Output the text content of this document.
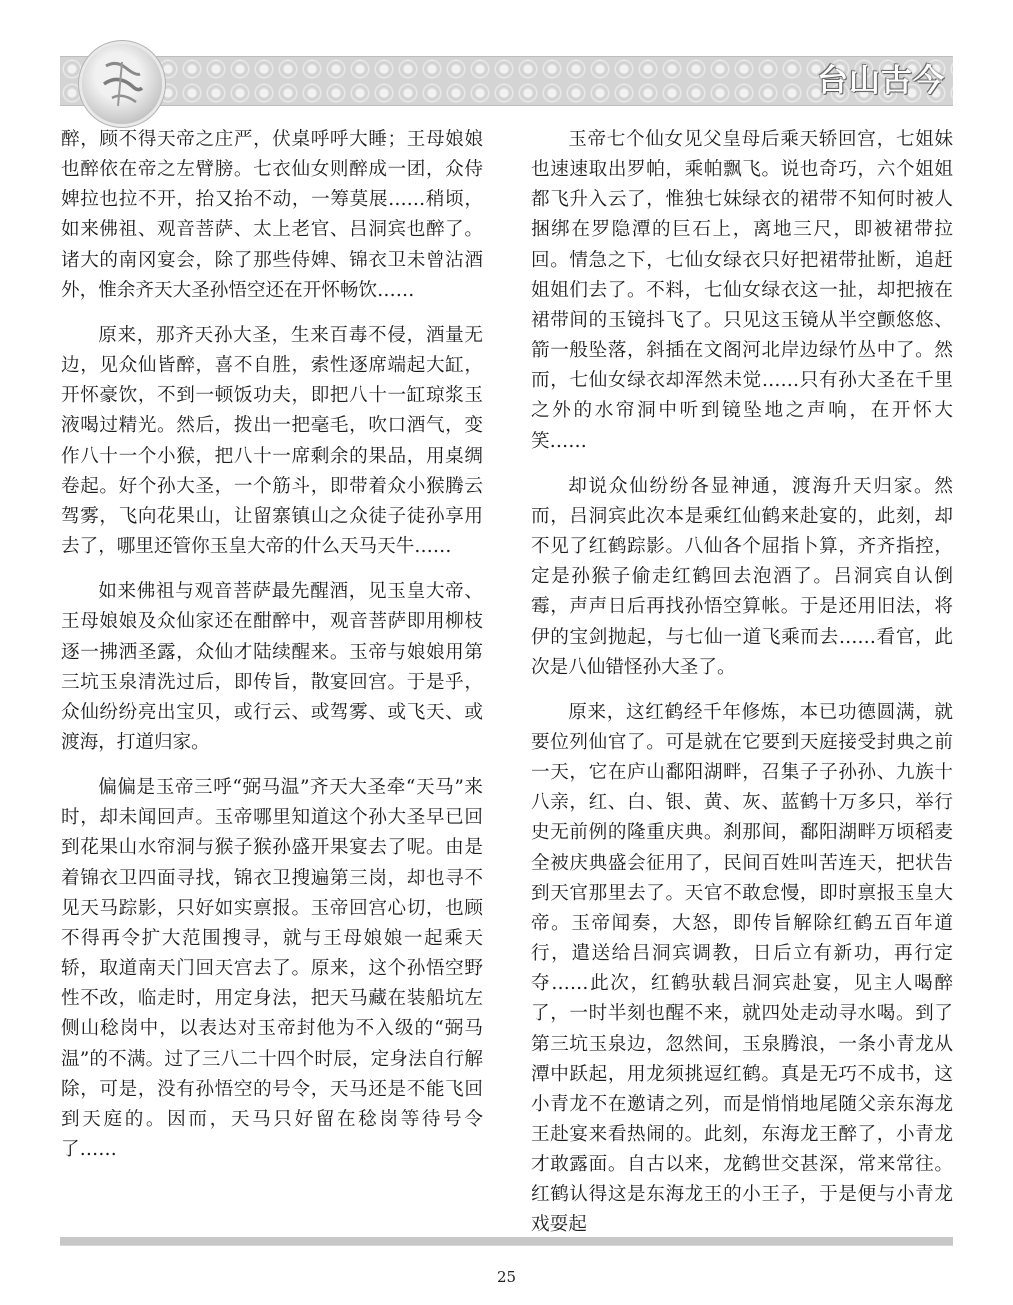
台山古今

醉，顾不得天帝之庄严，伏桌呼呼大睡；王母娘娘也醉依在帝之左臂膀。七衣仙女则醉成一团，众侍婢拉也拉不开，抬又抬不动，一筹莫展……稍顷，如来佛祖、观音菩萨、太上老官、吕洞宾也醉了。诸大的南冈宴会，除了那些侍婢、锦衣卫未曾沾酒外，惟余齐天大圣孙悟空还在开怀畅饮……

原来，那齐天孙大圣，生来百毒不侵，酒量无边，见众仙皆醉，喜不自胜，索性逐席端起大缸，开怀豪饮，不到一顿饭功夫，即把八十一缸琼浆玉液喝过精光。然后，拨出一把毫毛，吹口酒气，变作八十一个小猴，把八十一席剩余的果品，用桌绸卷起。好个孙大圣，一个筋斗，即带着众小猴腾云驾雾，飞向花果山，让留寨镇山之众徒子徒孙享用去了，哪里还管你玉皇大帝的什么天马天牛……

如来佛祖与观音菩萨最先醒酒，见玉皇大帝、王母娘娘及众仙家还在酣醉中，观音菩萨即用柳枝逐一拂洒圣露，众仙才陆续醒来。玉帝与娘娘用第三坑玉泉清洗过后，即传旨，散宴回宫。于是乎，众仙纷纷亮出宝贝，或行云、或驾雾、或飞天、或渡海，打道归家。

偏偏是玉帝三呼“弼马温”齐天大圣牵“天马”来时，却未闻回声。玉帝哪里知道这个孙大圣早已回到花果山水帘洞与猴子猴孙盛开果宴去了呢。由是着锦衣卫四面寻找，锦衣卫搜遍第三岗，却也寻不见天马踪影，只好如实禀报。玉帝回宫心切，也顾不得再令扩大范围搜寻，就与王母娘娘一起乘天轿，取道南天门回天宫去了。原来，这个孙悟空野性不改，临走时，用定身法，把天马藏在装船坑左侧山稔岗中，以表达对玉帝封他为不入级的“弼马温”的不满。过了三八二十四个时辰，定身法自行解除，可是，没有孙悟空的号令，天马还是不能飞回到天庭的。因而，天马只好留在稔岗等待号令了……

玉帝七个仙女见父皇母后乘天轿回宫，七姐妹也速速取出罗帕，乘帕飘飞。说也奇巧，六个姐姐都飞升入云了，惟独七妹绿衣的裙带不知何时被人捆绑在罗隐潭的巨石上，离地三尺，即被裙带拉回。情急之下，七仙女绿衣只好把裙带扯断，追赶姐姐们去了。不料，七仙女绿衣这一扯，却把掖在裙带间的玉镜抖飞了。只见这玉镜从半空颤悠悠、箭一般坠落，斜插在文阁河北岸边绿竹丛中了。然而，七仙女绿衣却浑然未觉……只有孙大圣在千里之外的水帘洞中听到镜坠地之声响，在开怀大笑……

却说众仙纷纷各显神通，渡海升天归家。然而，吕洞宾此次本是乘红仙鹤来赴宴的，此刻，却不见了红鹤踪影。八仙各个屈指卜算，齐齐指控，定是孙猴子偷走红鹤回去泡酒了。吕洞宾自认倒霉，声声日后再找孙悟空算帐。于是还用旧法，将伊的宝剑抛起，与七仙一道飞乘而去……看官，此次是八仙错怪孙大圣了。

原来，这红鹤经千年修炼，本已功德圆满，就要位列仙官了。可是就在它要到天庭接受封典之前一天，它在庐山鄱阳湖畔，召集子子孙孙、九族十八亲，红、白、银、黄、灰、蓝鹤十万多只，举行史无前例的隆重庆典。刹那间，鄱阳湖畔万顷稻麦全被庆典盛会征用了，民间百姓叫苦连天，把状告到天官那里去了。天官不敢怠慢，即时禀报玉皇大帝。玉帝闻奏，大怒，即传旨解除红鹤五百年道行，遣送给吕洞宾调教，日后立有新功，再行定夺……此次，红鹤驮载吕洞宾赴宴，见主人喝醉了，一时半刻也醒不来，就四处走动寻水喝。到了第三坑玉泉边，忽然间，玉泉腾浪，一条小青龙从潭中跃起，用龙须挑逗红鹤。真是无巧不成书，这小青龙不在邀请之列，而是悄悄地尾随父亲东海龙王赴宴来看热闹的。此刻，东海龙王醉了，小青龙才敢露面。自古以来，龙鹤世交甚深，常来常往。红鹤认得这是东海龙王的小王子，于是便与小青龙戏耍起

25
